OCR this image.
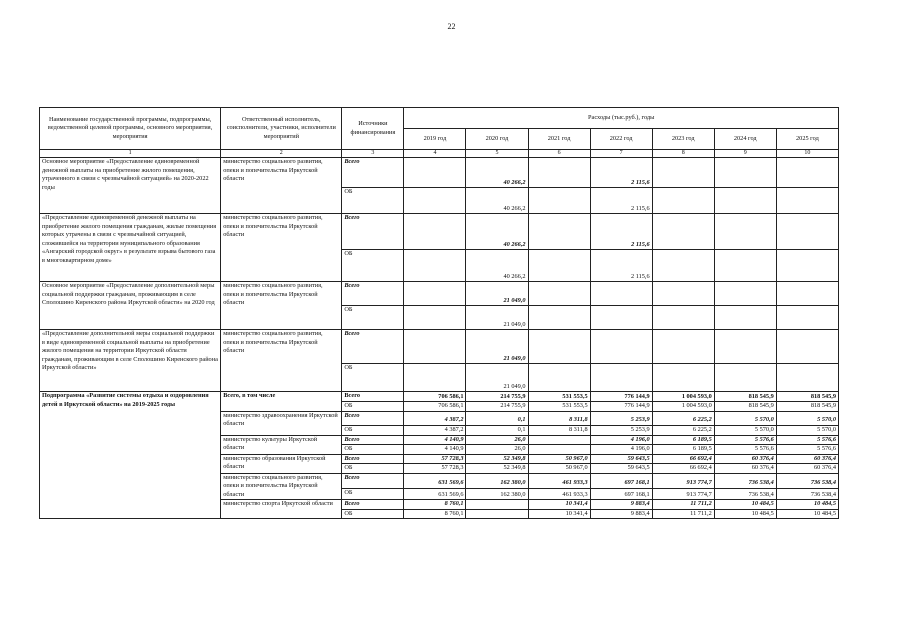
22
Наименование государственной программы, подпрограммы, ведомственной целевой программы, основного мероприятия, мероприятия	Ответственный исполнитель, соисполнители, участники, исполнители мероприятий	Источники финансирования	Расходы (тыс.руб.), годы						
			2019 год	2020 год	2021 год	2022 год	2023 год	2024 год	2025 год
1	2	3	4	5	6	7	8	9	10
Основное мероприятие «Предоставление единовременной денежной выплаты на приобретение жилого помещения, утраченного в связи с чрезвычайной ситуацией» на 2020-2022 годы	министерство социального развития, опеки и попечительства Иркутской области	Всего		40 266,2		2 115,6			
		ОБ		40 266,2		2 115,6			
«Предоставление единовременной денежной выплаты на приобретение жилого помещения гражданам, жилые помещения которых утрачены в связи с чрезвычайной ситуацией, сложившейся на территории муниципального образования «Ангарский городской округ» в результате взрыва бытового газа в многоквартирном доме»	министерство социального развития, опеки и попечительства Иркутской области	Всего		40 266,2		2 115,6			
		ОБ		40 266,2		2 115,6			
Основное мероприятие «Предоставление дополнительной меры социальной поддержки гражданам, проживающим в селе Сполошино Киренского района Иркутской области» на 2020 год	министерство социального развития, опеки и попечительства Иркутской области	Всего		21 049,0					
		ОБ		21 049,0					
«Предоставление дополнительной меры социальной поддержки в виде единовременной социальной выплаты на приобретение жилого помещения на территории Иркутской области гражданам, проживающим в селе Сполошино Киренского района Иркутской области»	министерство социального развития, опеки и попечительства Иркутской области	Всего		21 049,0					
		ОБ		21 049,0					
Подпрограмма «Развитие системы отдыха и оздоровления детей в Иркутской области» на 2019-2025 годы	Всего, в том числе	Всего	706 586,1	214 755,9	531 553,5	776 144,9	1 004 593,0	818 545,9	818 545,9
		ОБ	706 586,1	214 755,9	531 553,5	776 144,9	1 004 593,0	818 545,9	818 545,9
	министерство здравоохранения Иркутской области	Всего	4 387,2	0,1	8 311,8	5 253,9	6 225,2	5 570,0	5 570,0
		ОБ	4 387,2	0,1	8 311,8	5 253,9	6 225,2	5 570,0	5 570,0
	министерство культуры Иркутской области	Всего	4 140,9	26,0		4 196,0	6 189,5	5 576,6	5 576,6
		ОБ	4 140,9	26,0		4 196,0	6 189,5	5 576,6	5 576,6
	министерство образования Иркутской области	Всего	57 728,3	52 349,8	50 967,0	59 643,5	66 692,4	60 376,4	60 376,4
		ОБ	57 728,3	52 349,8	50 967,0	59 643,5	66 692,4	60 376,4	60 376,4
	министерство социального развития, опеки и попечительства Иркутской области	Всего	631 569,6	162 380,0	461 933,3	697 168,1	913 774,7	736 538,4	736 538,4
		ОБ	631 569,6	162 380,0	461 933,3	697 168,1	913 774,7	736 538,4	736 538,4
	министерство спорта Иркутской области	Всего	8 760,1		10 341,4	9 883,4	11 711,2	10 484,5	10 484,5
		ОБ	8 760,1		10 341,4	9 883,4	11 711,2	10 484,5	10 484,5
